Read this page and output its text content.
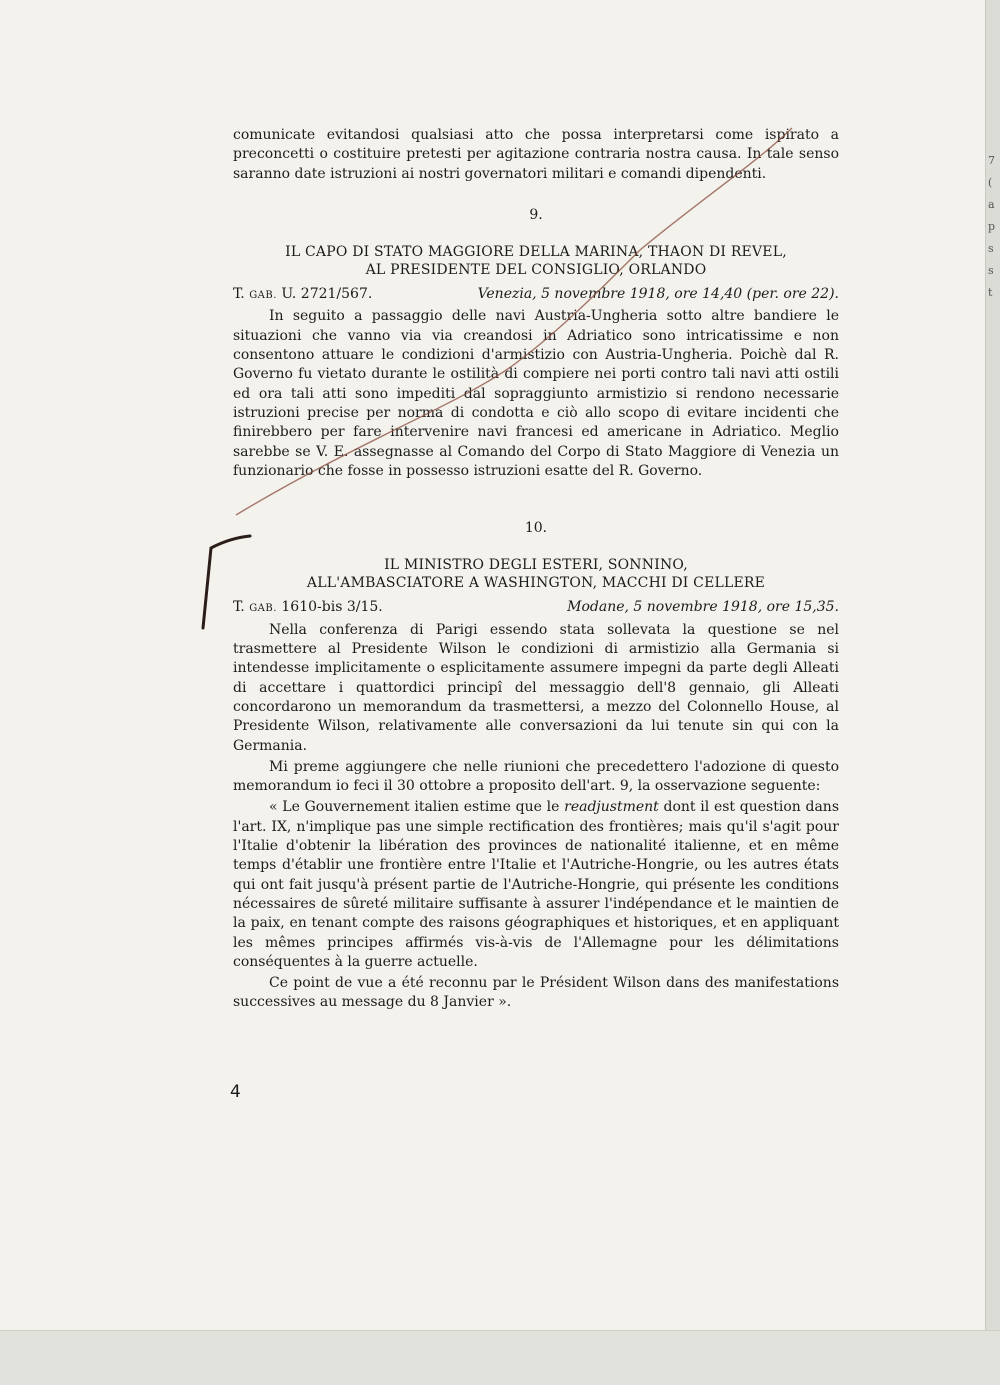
7
(
a
p
s
s
t

comunicate evitandosi qualsiasi atto che possa interpretarsi come ispirato a preconcetti o costituire pretesti per agitazione contraria nostra causa. In tale senso saranno date istruzioni ai nostri governatori militari e comandi dipendenti.

9.
IL CAPO DI STATO MAGGIORE DELLA MARINA, THAON DI REVEL,
AL PRESIDENTE DEL CONSIGLIO, ORLANDO
T. GAB. U. 2721/567.	Venezia, 5 novembre 1918, ore 14,40 (per. ore 22).

In seguito a passaggio delle navi Austria-Ungheria sotto altre bandiere le situazioni che vanno via via creandosi in Adriatico sono intricatissime e non consentono attuare le condizioni d'armistizio con Austria-Ungheria. Poichè dal R. Governo fu vietato durante le ostilità di compiere nei porti contro tali navi atti ostili ed ora tali atti sono impediti dal sopraggiunto armistizio si rendono necessarie istruzioni precise per norma di condotta e ciò allo scopo di evitare incidenti che finirebbero per fare intervenire navi francesi ed americane in Adriatico. Meglio sarebbe se V. E. assegnasse al Comando del Corpo di Stato Maggiore di Venezia un funzionario che fosse in possesso istruzioni esatte del R. Governo.

10.
IL MINISTRO DEGLI ESTERI, SONNINO,
ALL'AMBASCIATORE A WASHINGTON, MACCHI DI CELLERE
T. GAB. 1610-bis 3/15.	Modane, 5 novembre 1918, ore 15,35.

Nella conferenza di Parigi essendo stata sollevata la questione se nel trasmettere al Presidente Wilson le condizioni di armistizio alla Germania si intendesse implicitamente o esplicitamente assumere impegni da parte degli Alleati di accettare i quattordici principî del messaggio dell'8 gennaio, gli Alleati concordarono un memorandum da trasmettersi, a mezzo del Colonnello House, al Presidente Wilson, relativamente alle conversazioni da lui tenute sin qui con la Germania.

Mi preme aggiungere che nelle riunioni che precedettero l'adozione di questo memorandum io feci il 30 ottobre a proposito dell'art. 9, la osservazione seguente:

« Le Gouvernement italien estime que le readjustment dont il est question dans l'art. IX, n'implique pas une simple rectification des frontières; mais qu'il s'agit pour l'Italie d'obtenir la libération des provinces de nationalité italienne, et en même temps d'établir une frontière entre l'Italie et l'Autriche-Hongrie, ou les autres états qui ont fait jusqu'à présent partie de l'Autriche-Hongrie, qui présente les conditions nécessaires de sûreté militaire suffisante à assurer l'indépendance et le maintien de la paix, en tenant compte des raisons géographiques et historiques, et en appliquant les mêmes principes affirmés vis-à-vis de l'Allemagne pour les délimitations conséquentes à la guerre actuelle.

Ce point de vue a été reconnu par le Président Wilson dans des manifestations successives au message du 8 Janvier ».

4
